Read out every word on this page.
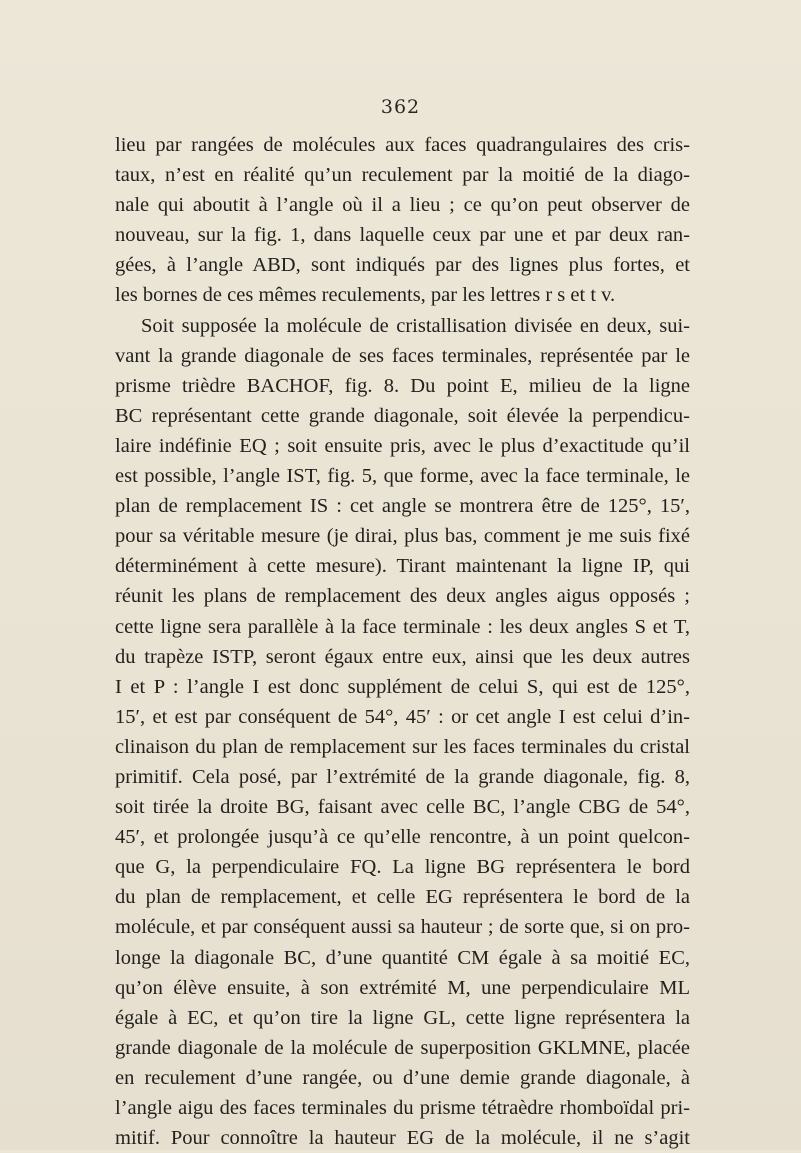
362
lieu par rangées de molécules aux faces quadrangulaires des cris-
taux, n’est en réalité qu’un reculement par la moitié de la diago-
nale qui aboutit à l’angle où il a lieu ; ce qu’on peut observer de
nouveau, sur la fig. 1, dans laquelle ceux par une et par deux ran-
gées, à l’angle ABD, sont indiqués par des lignes plus fortes, et
les bornes de ces mêmes reculements, par les lettres r s et t v.
Soit supposée la molécule de cristallisation divisée en deux, sui-
vant la grande diagonale de ses faces terminales, représentée par le
prisme trièdre BACHOF, fig. 8. Du point E, milieu de la ligne
BC représentant cette grande diagonale, soit élevée la perpendicu-
laire indéfinie EQ ; soit ensuite pris, avec le plus d’exactitude qu’il
est possible, l’angle IST, fig. 5, que forme, avec la face terminale, le
plan de remplacement IS : cet angle se montrera être de 125°, 15′,
pour sa véritable mesure (je dirai, plus bas, comment je me suis fixé
déterminément à cette mesure). Tirant maintenant la ligne IP, qui
réunit les plans de remplacement des deux angles aigus opposés ;
cette ligne sera parallèle à la face terminale : les deux angles S et T,
du trapèze ISTP, seront égaux entre eux, ainsi que les deux autres
I et P : l’angle I est donc supplément de celui S, qui est de 125°,
15′, et est par conséquent de 54°, 45′ : or cet angle I est celui d’in-
clinaison du plan de remplacement sur les faces terminales du cristal
primitif. Cela posé, par l’extrémité de la grande diagonale, fig. 8,
soit tirée la droite BG, faisant avec celle BC, l’angle CBG de 54°,
45′, et prolongée jusqu’à ce qu’elle rencontre, à un point quelcon-
que G, la perpendiculaire FQ. La ligne BG représentera le bord
du plan de remplacement, et celle EG représentera le bord de la
molécule, et par conséquent aussi sa hauteur ; de sorte que, si on pro-
longe la diagonale BC, d’une quantité CM égale à sa moitié EC,
qu’on élève ensuite, à son extrémité M, une perpendiculaire ML
égale à EC, et qu’on tire la ligne GL, cette ligne représentera la
grande diagonale de la molécule de superposition GKLMNE, placée
en reculement d’une rangée, ou d’une demie grande diagonale, à
l’angle aigu des faces terminales du prisme tétraèdre rhomboïdal pri-
mitif. Pour connoître la hauteur EG de la molécule, il ne s’agit
